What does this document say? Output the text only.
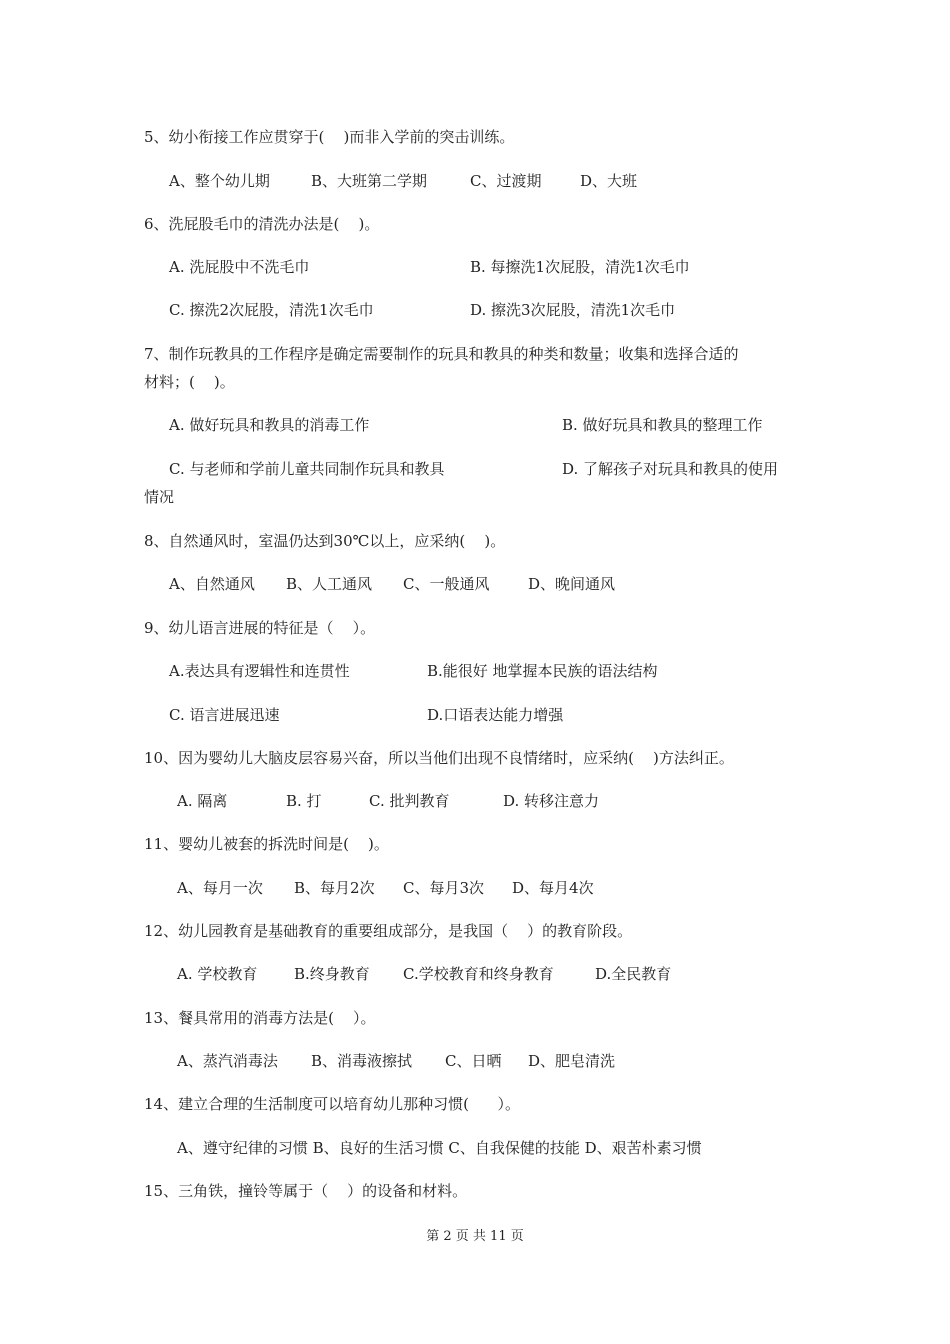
5、幼小衔接工作应贯穿于(    )而非入学前的突击训练。
A、整个幼儿期	B、大班第二学期	C、过渡期	D、大班
6、洗屁股毛巾的清洗办法是(    )。
A. 洗屁股中不洗毛巾	B. 每擦洗1次屁股，清洗1次毛巾
C. 擦洗2次屁股，清洗1次毛巾	D. 擦洗3次屁股，清洗1次毛巾
7、制作玩教具的工作程序是确定需要制作的玩具和教具的种类和数量；收集和选择合适的
材料；(    )。
A. 做好玩具和教具的消毒工作	B. 做好玩具和教具的整理工作
C. 与老师和学前儿童共同制作玩具和教具	D. 了解孩子对玩具和教具的使用
情况
8、自然通风时，室温仍达到30℃以上，应采纳(    )。
A、自然通风 B、人工通风 C、一般通风	D、晚间通风
9、幼儿语言进展的特征是（    ）。
A.表达具有逻辑性和连贯性	B.能很好 地掌握本民族的语法结构
C. 语言进展迅速	D.口语表达能力增强
10、因为婴幼儿大脑皮层容易兴奋，所以当他们出现不良情绪时，应采纳(    )方法纠正。
A. 隔离	B. 打	C. 批判教育	D. 转移注意力
11、婴幼儿被套的拆洗时间是(    )。
A、每月一次 B、每月2次 C、每月3次 D、每月4次
12、幼儿园教育是基础教育的重要组成部分，是我国（    ）的教育阶段。
A. 学校教育 B.终身教育 C.学校教育和终身教育	D.全民教育
13、餐具常用的消毒方法是(    ）。
A、蒸汽消毒法 B、消毒液擦拭 C、日晒 D、肥皂清洗
14、建立合理的生活制度可以培育幼儿那种习惯(      ）。
A、遵守纪律的习惯 B、良好的生活习惯 C、自我保健的技能 D、艰苦朴素习惯
15、三角铁，撞铃等属于（    ）的设备和材料。
第 2 页 共 11 页
